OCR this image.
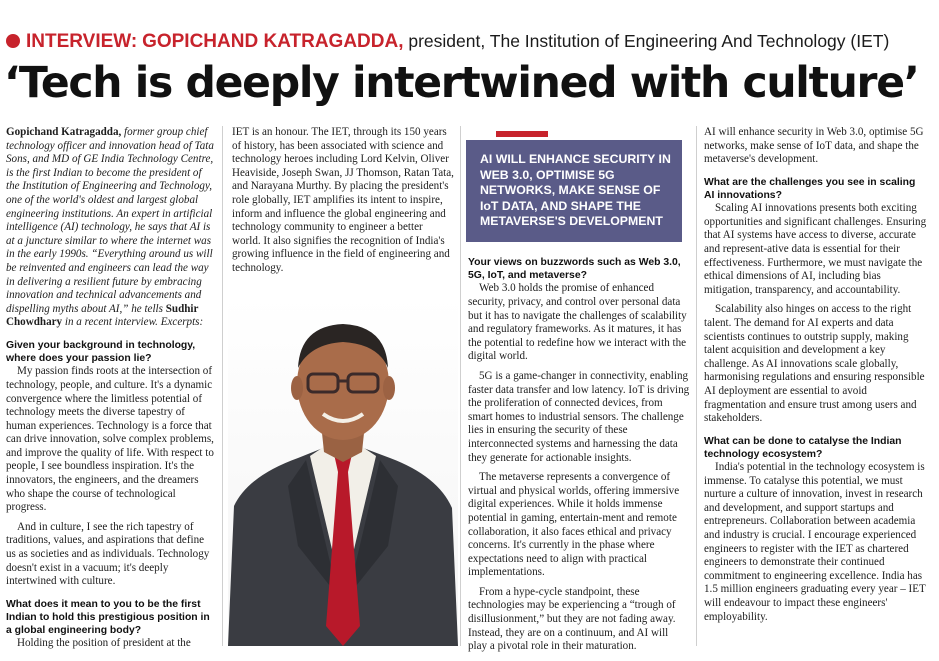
INTERVIEW: GOPICHAND KATRAGADDA, president, The Institution of Engineering And Technology (IET)
‘Tech is deeply intertwined with culture’

Gopichand Katragadda, former group chief technology officer and innovation head of Tata Sons, and MD of GE India Technology Centre, is the first Indian to become the president of the Institution of Engineering and Technology, one of the world's oldest and largest global engineering institutions. An expert in artificial intelligence (AI) technology, he says that AI is at a juncture similar to where the internet was in the early 1990s. “Everything around us will be reinvented and engineers can lead the way in delivering a resilient future by embracing innovation and technical advancements and dispelling myths about AI,” he tells Sudhir Chowdhary in a recent interview. Excerpts:

Given your background in technology, where does your passion lie?

My passion finds roots at the intersection of technology, people, and culture. It's a dynamic convergence where the limitless potential of technology meets the diverse tapestry of human experiences. Technology is a force that can drive innovation, solve complex problems, and improve the quality of life. With respect to people, I see boundless inspiration. It's the innovators, the engineers, and the dreamers who shape the course of technological progress.

And in culture, I see the rich tapestry of traditions, values, and aspirations that define us as societies and as individuals. Technology doesn't exist in a vacuum; it's deeply intertwined with culture.

What does it mean to you to be the first Indian to hold this prestigious position in a global engineering body?

Holding the position of president at the

IET is an honour. The IET, through its 150 years of history, has been associated with science and technology heroes including Lord Kelvin, Oliver Heaviside, Joseph Swan, JJ Thomson, Ratan Tata, and Narayana Murthy. By placing the president's role globally, IET amplifies its intent to inspire, inform and influence the global engineering and technology community to engineer a better world. It also signifies the recognition of India's growing influence in the field of engineering and technology.

AI WILL ENHANCE SECURITY IN WEB 3.0, OPTIMISE 5G NETWORKS, MAKE SENSE OF IoT DATA, AND SHAPE THE METAVERSE'S DEVELOPMENT

Your views on buzzwords such as Web 3.0, 5G, IoT, and metaverse?

Web 3.0 holds the promise of enhanced security, privacy, and control over personal data but it has to navigate the challenges of scalability and regulatory frameworks. As it matures, it has the potential to redefine how we interact with the digital world.

5G is a game-changer in connectivity, enabling faster data transfer and low latency. IoT is driving the proliferation of connected devices, from smart homes to industrial sensors. The challenge lies in ensuring the security of these interconnected systems and harnessing the data they generate for actionable insights.

The metaverse represents a convergence of virtual and physical worlds, offering immersive digital experiences. While it holds immense potential in gaming, entertain-ment and remote collaboration, it also faces ethical and privacy concerns. It's currently in the phase where expectations need to align with practical implementations.

From a hype-cycle standpoint, these technologies may be experiencing a “trough of disillusionment,” but they are not fading away. Instead, they are on a continuum, and AI will play a pivotal role in their maturation.

AI will enhance security in Web 3.0, optimise 5G networks, make sense of IoT data, and shape the metaverse's development.

What are the challenges you see in scaling AI innovations?

Scaling AI innovations presents both exciting opportunities and significant challenges. Ensuring that AI systems have access to diverse, accurate and represent-ative data is essential for their effectiveness. Furthermore, we must navigate the ethical dimensions of AI, including bias mitigation, transparency, and accountability.

Scalability also hinges on access to the right talent. The demand for AI experts and data scientists continues to outstrip supply, making talent acquisition and development a key challenge. As AI innovations scale globally, harmonising regulations and ensuring responsible AI deployment are essential to avoid fragmentation and ensure trust among users and stakeholders.

What can be done to catalyse the Indian technology ecosystem?

India's potential in the technology ecosystem is immense. To catalyse this potential, we must nurture a culture of innovation, invest in research and development, and support startups and entrepreneurs. Collaboration between academia and industry is crucial. I encourage experienced engineers to register with the IET as chartered engineers to demonstrate their continued commitment to engineering excellence. India has 1.5 million engineers graduating every year – IET will endeavour to impact these engineers' employability.
